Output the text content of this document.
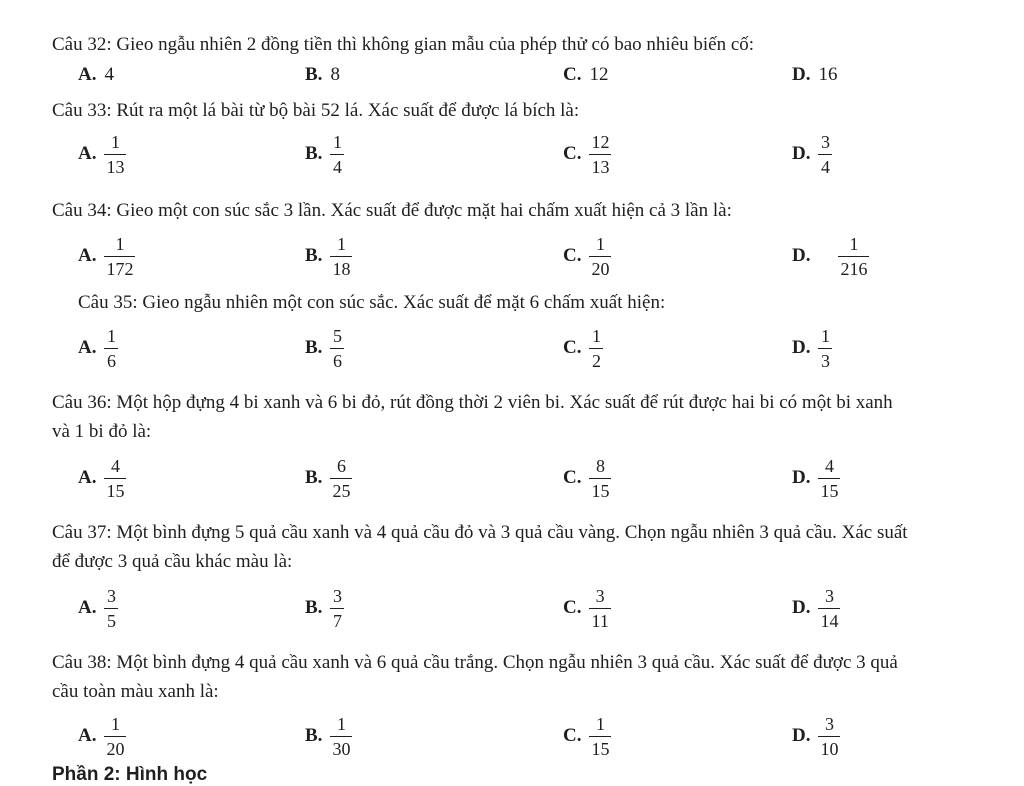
Câu 32: Gieo ngẫu nhiên 2 đồng tiền thì không gian mẫu của phép thử có bao nhiêu biến cố:
A. 4	B. 8	C. 12	D. 16
Câu 33: Rút ra một lá bài từ bộ bài 52 lá. Xác suất để được lá bích là:
A. $\frac{1}{13}$	B. $\frac{1}{4}$	C. $\frac{12}{13}$	D. $\frac{3}{4}$
Câu 34: Gieo một con súc sắc 3 lần. Xác suất để được mặt hai chấm xuất hiện cả 3 lần là:
A. $\frac{1}{172}$	B. $\frac{1}{18}$	C. $\frac{1}{20}$	D. $\frac{1}{216}$
Câu 35: Gieo ngẫu nhiên một con súc sắc. Xác suất để mặt 6 chấm xuất hiện:
A. $\frac{1}{6}$	B. $\frac{5}{6}$	C. $\frac{1}{2}$	D. $\frac{1}{3}$
Câu 36: Một hộp đựng 4 bi xanh và 6 bi đỏ, rút đồng thời 2 viên bi. Xác suất để rút được hai bi có một bi xanh và 1 bi đỏ là:
A. $\frac{4}{15}$	B. $\frac{6}{25}$	C. $\frac{8}{15}$	D. $\frac{4}{15}$
Câu 37: Một bình đựng 5 quả cầu xanh và 4 quả cầu đỏ và 3 quả cầu vàng. Chọn ngẫu nhiên 3 quả cầu. Xác suất để được 3 quả cầu khác màu là:
A. $\frac{3}{5}$	B. $\frac{3}{7}$	C. $\frac{3}{11}$	D. $\frac{3}{14}$
Câu 38: Một bình đựng 4 quả cầu xanh và 6 quả cầu trắng. Chọn ngẫu nhiên 3 quả cầu. Xác suất để được 3 quả cầu toàn màu xanh là:
A. $\frac{1}{20}$	B. $\frac{1}{30}$	C. $\frac{1}{15}$	D. $\frac{3}{10}$
Phần 2: Hình học
